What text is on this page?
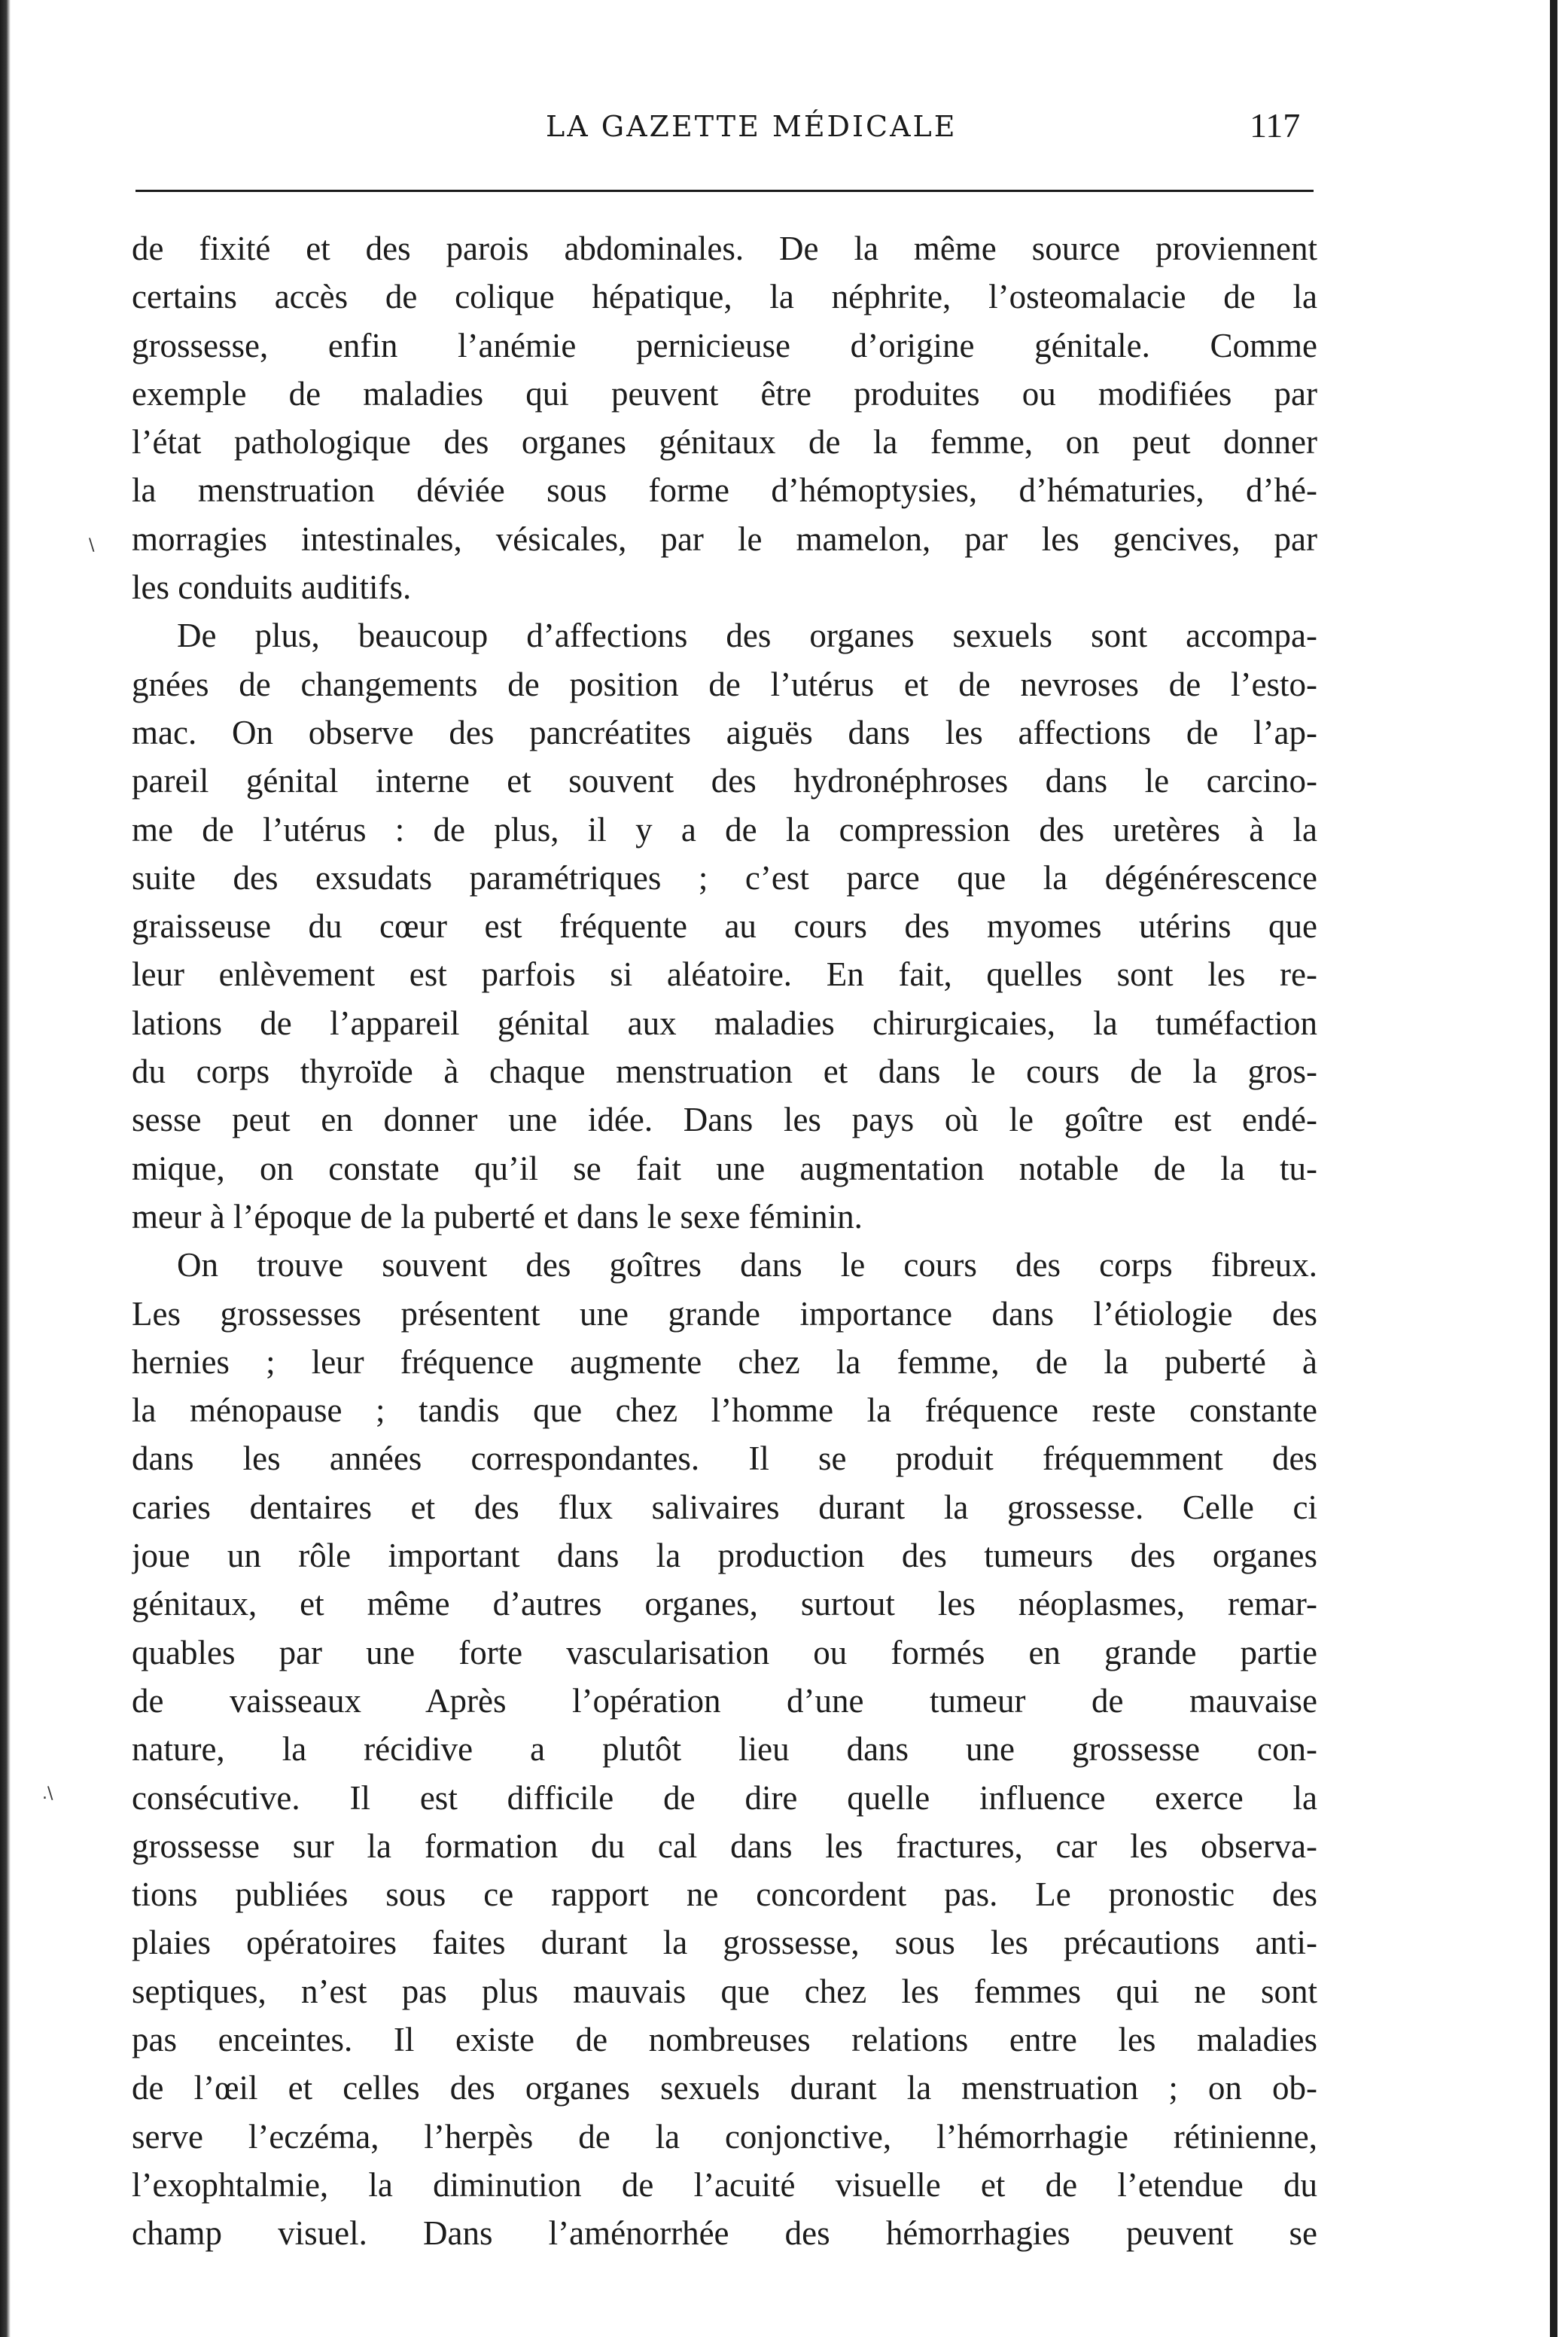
LA GAZETTE MÉDICALE	117
\
.\
de fixité et des parois abdominales. De la même source proviennent
certains accès de colique hépatique, la néphrite, l’osteomalacie de la
grossesse, enfin l’anémie pernicieuse d’origine génitale. Comme
exemple de maladies qui peuvent être produites ou modifiées par
l’état pathologique des organes génitaux de la femme, on peut donner
la menstruation déviée sous forme d’hémoptysies, d’hématuries, d’hé-
morragies intestinales, vésicales, par le mamelon, par les gencives, par
les conduits auditifs.
De plus, beaucoup d’affections des organes sexuels sont accompa-
gnées de changements de position de l’utérus et de nevroses de l’esto-
mac. On observe des pancréatites aiguës dans les affections de l’ap-
pareil génital interne et souvent des hydronéphroses dans le carcino-
me de l’utérus : de plus, il y a de la compression des uretères à la
suite des exsudats paramétriques ; c’est parce que la dégénérescence
graisseuse du cœur est fréquente au cours des myomes utérins que
leur enlèvement est parfois si aléatoire. En fait, quelles sont les re-
lations de l’appareil génital aux maladies chirurgicaies, la tuméfaction
du corps thyroïde à chaque menstruation et dans le cours de la gros-
sesse peut en donner une idée. Dans les pays où le goître est endé-
mique, on constate qu’il se fait une augmentation notable de la tu-
meur à l’époque de la puberté et dans le sexe féminin.
On trouve souvent des goîtres dans le cours des corps fibreux.
Les grossesses présentent une grande importance dans l’étiologie des
hernies ; leur fréquence augmente chez la femme, de la puberté à
la ménopause ; tandis que chez l’homme la fréquence reste constante
dans les années correspondantes. Il se produit fréquemment des
caries dentaires et des flux salivaires durant la grossesse. Celle ci
joue un rôle important dans la production des tumeurs des organes
génitaux, et même d’autres organes, surtout les néoplasmes, remar-
quables par une forte vascularisation ou formés en grande partie
de vaisseaux Après l’opération d’une tumeur de mauvaise
nature, la récidive a plutôt lieu dans une grossesse con-
consécutive. Il est difficile de dire quelle influence exerce la
grossesse sur la formation du cal dans les fractures, car les observa-
tions publiées sous ce rapport ne concordent pas. Le pronostic des
plaies opératoires faites durant la grossesse, sous les précautions anti-
septiques, n’est pas plus mauvais que chez les femmes qui ne sont
pas enceintes. Il existe de nombreuses relations entre les maladies
de l’œil et celles des organes sexuels durant la menstruation ; on ob-
serve l’eczéma, l’herpès de la conjonctive, l’hémorrhagie rétinienne,
l’exophtalmie, la diminution de l’acuité visuelle et de l’etendue du
champ visuel. Dans l’aménorrhée des hémorrhagies peuvent se
